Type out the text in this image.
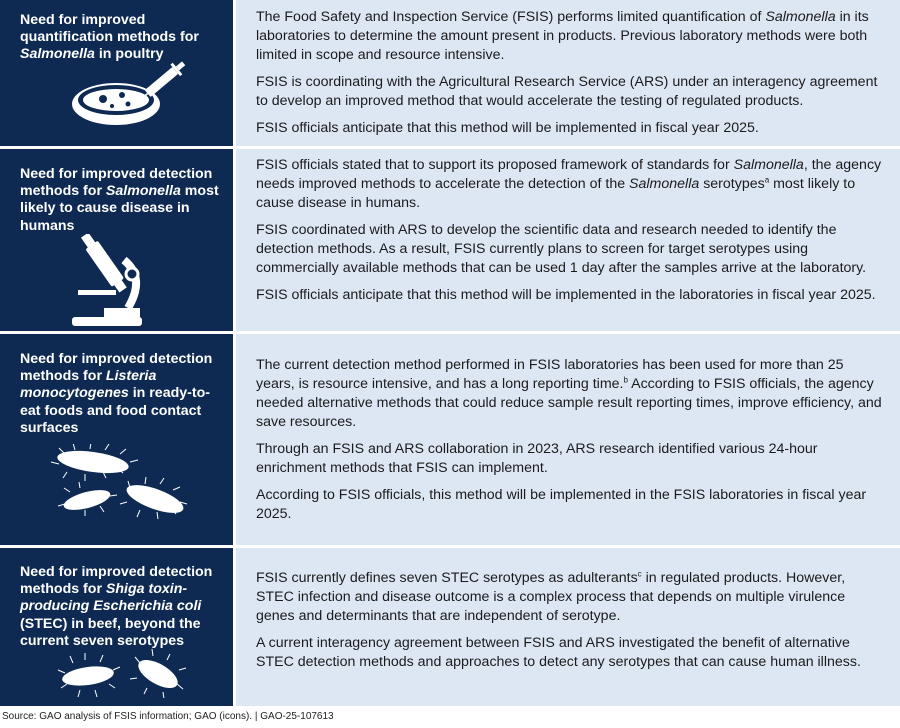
Need for improved quantification methods for Salmonella in poultry

The Food Safety and Inspection Service (FSIS) performs limited quantification of Salmonella in its laboratories to determine the amount present in products. Previous laboratory methods were both limited in scope and resource intensive.

FSIS is coordinating with the Agricultural Research Service (ARS) under an interagency agreement to develop an improved method that would accelerate the testing of regulated products.

FSIS officials anticipate that this method will be implemented in fiscal year 2025.

Need for improved detection methods for Salmonella most likely to cause disease in humans

FSIS officials stated that to support its proposed framework of standards for Salmonella, the agency needs improved methods to accelerate the detection of the Salmonella serotypes$^a$ most likely to cause disease in humans.

FSIS coordinated with ARS to develop the scientific data and research needed to identify the detection methods. As a result, FSIS currently plans to screen for target serotypes using commercially available methods that can be used 1 day after the samples arrive at the laboratory.

FSIS officials anticipate that this method will be implemented in the laboratories in fiscal year 2025.

Need for improved detection methods for Listeria monocytogenes in ready-to-eat foods and food contact surfaces

The current detection method performed in FSIS laboratories has been used for more than 25 years, is resource intensive, and has a long reporting time.$^b$ According to FSIS officials, the agency needed alternative methods that could reduce sample result reporting times, improve efficiency, and save resources.

Through an FSIS and ARS collaboration in 2023, ARS research identified various 24-hour enrichment methods that FSIS can implement.

According to FSIS officials, this method will be implemented in the FSIS laboratories in fiscal year 2025.

Need for improved detection methods for Shiga toxin-producing Escherichia coli (STEC) in beef, beyond the current seven serotypes

FSIS currently defines seven STEC serotypes as adulterants$^c$ in regulated products. However, STEC infection and disease outcome is a complex process that depends on multiple virulence genes and determinants that are independent of serotype.

A current interagency agreement between FSIS and ARS investigated the benefit of alternative STEC detection methods and approaches to detect any serotypes that can cause human illness.

Source: GAO analysis of FSIS information; GAO (icons). | GAO-25-107613
